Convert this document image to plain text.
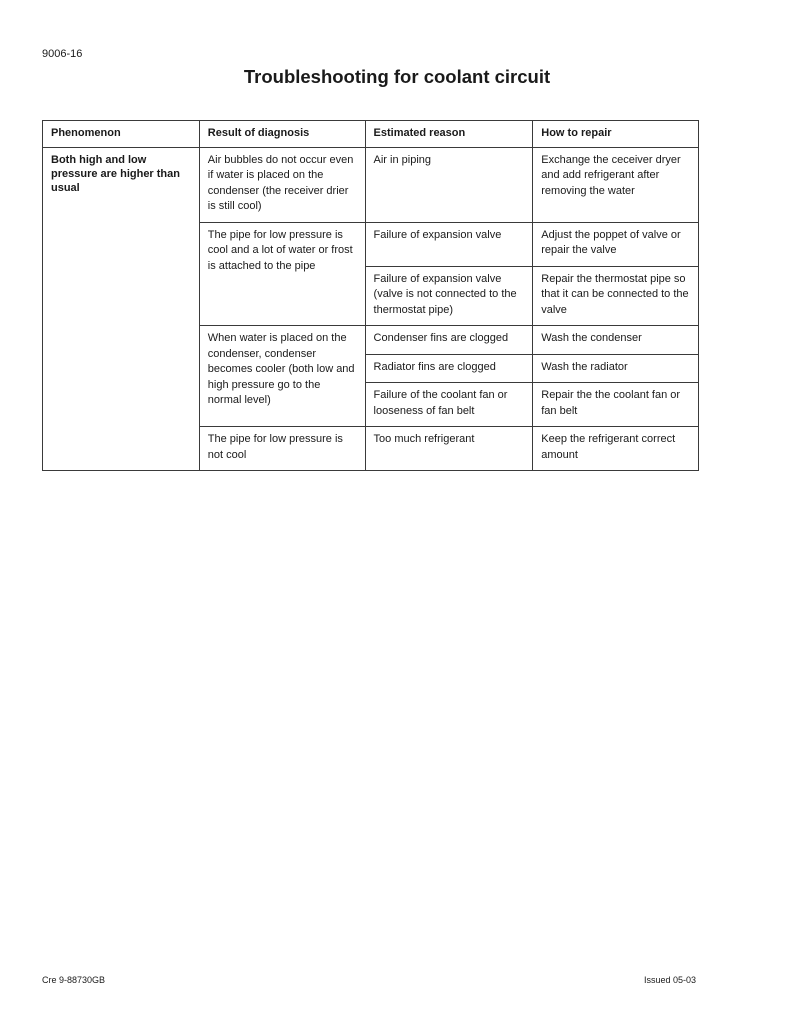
9006-16
Troubleshooting for coolant circuit
Phenomenon	Result of diagnosis	Estimated reason	How to repair
Both high and low pressure are higher than usual	Air bubbles do not occur even if water is placed on the condenser (the receiver drier is still cool)	Air in piping	Exchange the ceceiver dryer and add refrigerant after removing the water
	The pipe for low pressure is cool and a lot of water or frost is attached to the pipe	Failure of expansion valve	Adjust the poppet of valve or repair the valve
		Failure of expansion valve (valve is not connected to the thermostat pipe)	Repair the thermostat pipe so that it can be connected to the valve
	When water is placed on the condenser, condenser becomes cooler (both low and high pressure go to the normal level)	Condenser fins are clogged	Wash the condenser
		Radiator fins are clogged	Wash the radiator
		Failure of the coolant fan or looseness of fan belt	Repair the the coolant fan or fan belt
	The pipe for low pressure is not cool	Too much refrigerant	Keep the refrigerant correct amount
Cre 9-88730GB	Issued 05-03
